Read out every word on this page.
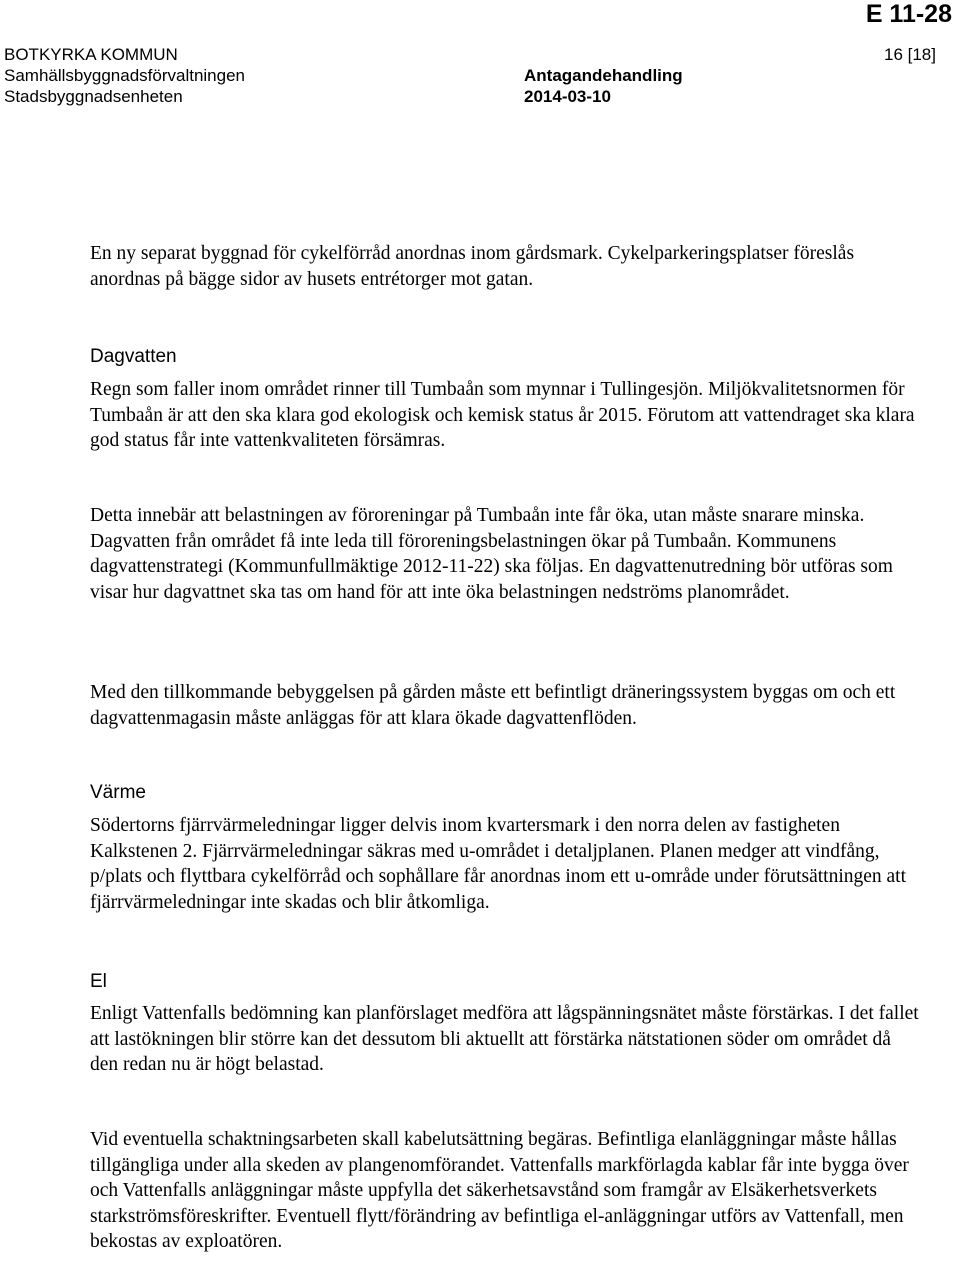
E 11-28
BOTKYRKA KOMMUN
Samhällsbyggnadsförvaltningen
Stadsbyggnadsenheten
Antagandehandling
2014-03-10
16 [18]

En ny separat byggnad för cykelförråd anordnas inom gårdsmark. Cykelparkeringsplatser föreslås anordnas på bägge sidor av husets entrétorger mot gatan.

Dagvatten

Regn som faller inom området rinner till Tumbaån som mynnar i Tullingesjön. Miljökvalitetsnormen för Tumbaån är att den ska klara god ekologisk och kemisk status år 2015. Förutom att vattendraget ska klara god status får inte vattenkvaliteten försämras.

Detta innebär att belastningen av föroreningar på Tumbaån inte får öka, utan måste snarare minska. Dagvatten från området få inte leda till föroreningsbelastningen ökar på Tumbaån. Kommunens dagvattenstrategi (Kommunfullmäktige 2012-11-22) ska följas. En dagvattenutredning bör utföras som visar hur dagvattnet ska tas om hand för att inte öka belastningen nedströms planområdet.

Med den tillkommande bebyggelsen på gården måste ett befintligt dräneringssystem byggas om och ett dagvattenmagasin måste anläggas för att klara ökade dagvattenflöden.

Värme

Södertorns fjärrvärmeledningar ligger delvis inom kvartersmark i den norra delen av fastigheten Kalkstenen 2. Fjärrvärmeledningar säkras med u-området i detaljplanen. Planen medger att vindfång, p/plats och flyttbara cykelförråd och sophållare får anordnas inom ett u-område under förutsättningen att fjärrvärmeledningar inte skadas och blir åtkomliga.

El

Enligt Vattenfalls bedömning kan planförslaget medföra att lågspänningsnätet måste förstärkas. I det fallet att lastökningen blir större kan det dessutom bli aktuellt att förstärka nätstationen söder om området då den redan nu är högt belastad.

Vid eventuella schaktningsarbeten skall kabelutsättning begäras. Befintliga elanläggningar måste hållas tillgängliga under alla skeden av plangenomförandet. Vattenfalls markförlagda kablar får inte bygga över och Vattenfalls anläggningar måste uppfylla det säkerhetsavstånd som framgår av Elsäkerhetsverkets starkströmsföreskrifter. Eventuell flytt/förändring av befintliga el-anläggningar utförs av Vattenfall, men bekostas av exploatören.
